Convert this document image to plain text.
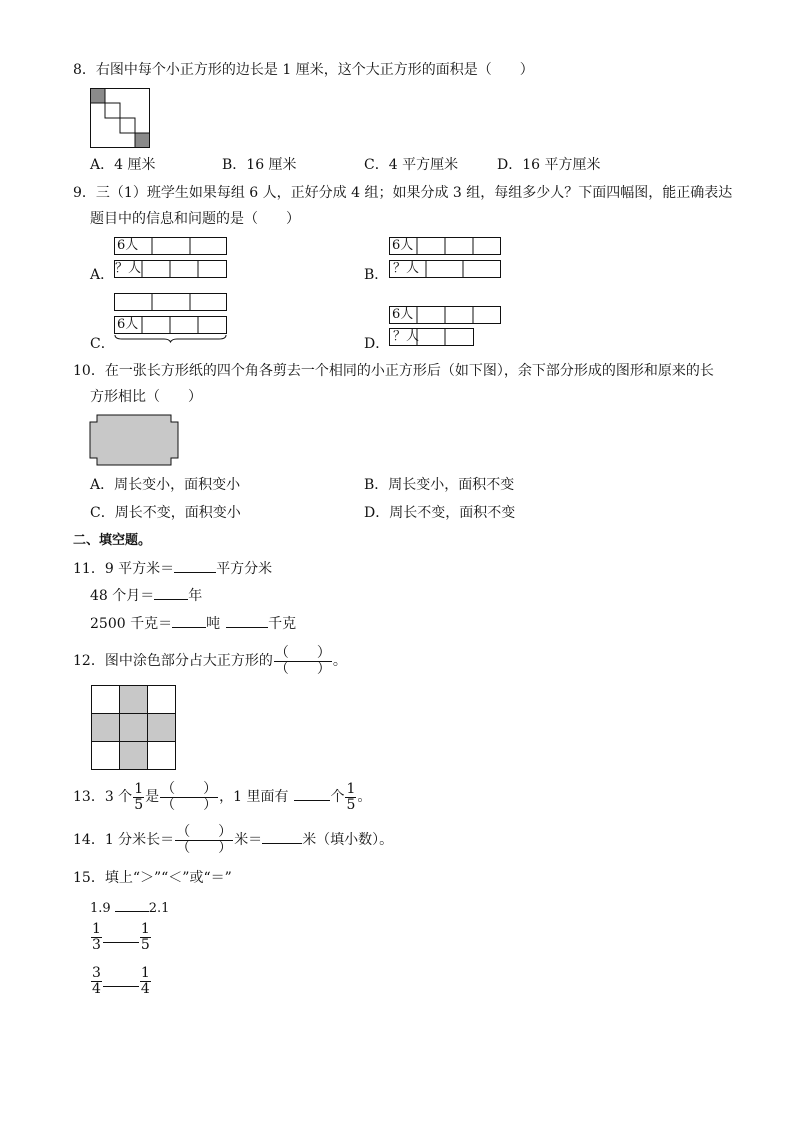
8．右图中每个小正方形的边长是 1 厘米，这个大正方形的面积是（　　）
A．4 厘米	B．16 厘米	C．4 平方厘米	D．16 平方厘米
9．三（1）班学生如果每组 6 人，正好分成 4 组；如果分成 3 组，每组多少人？下面四幅图，能正确表达
题目中的信息和问题的是（　　）
A．
6人
？人	B．
6人
？人
C．
6人
D．
6人
？人
10．在一张长方形纸的四个角各剪去一个相同的小正方形后（如下图），余下部分形成的图形和原来的长
方形相比（　　）
A．周长变小，面积变小	B．周长变小，面积不变
C．周长不变，面积变小	D．周长不变，面积不变
二、填空题。
11．9 平方米＝	平方分米
48 个月＝ 年
2500 千克＝ 吨	千克
12．图中涂色部分占大正方形的 $\frac{( )}{( )}$ 。
13．3 个 $\frac{1}{5}$ 是 $\frac{( )}{( )}$ ，1 里面有	个 $\frac{1}{5}$ 。
14．1 分米长＝ $\frac{( )}{( )}$ 米＝	米（填小数）。
15．填上“＞”“＜”或“＝”
1.9	2.1
$\frac{1}{3}$	$\frac{1}{5}$
$\frac{3}{4}$	$\frac{1}{4}$
